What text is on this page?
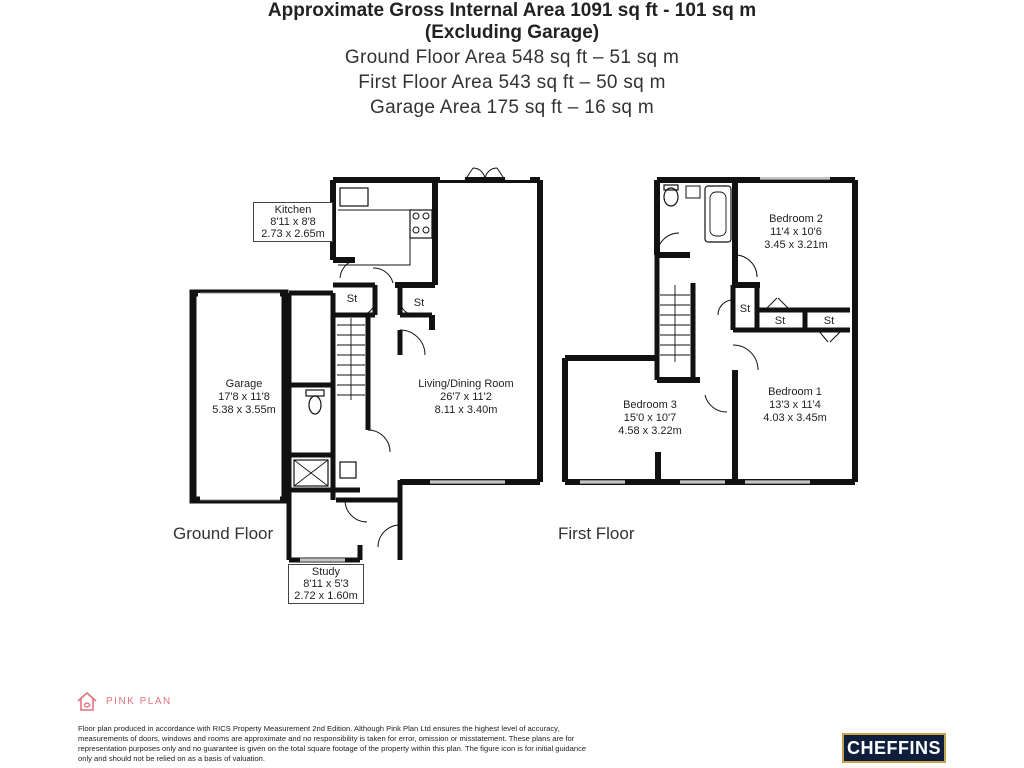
Approximate Gross Internal Area 1091 sq ft - 101 sq m
(Excluding Garage)
Ground Floor Area 548 sq ft – 51 sq m
First Floor Area 543 sq ft – 50 sq m
Garage Area 175 sq ft – 16 sq m
Garage
17'8 x 11'8
5.38 x 3.55m
Living/Dining Room
26'7 x 11'2
8.11 x 3.40m
Bedroom 2
11'4 x 10'6
3.45 x 3.21m
Bedroom 3
15'0 x 10'7
4.58 x 3.22m
Bedroom 1
13'3 x 11'4
4.03 x 3.45m
St	St	St
St	St
Kitchen
8'11 x 8'8
2.73 x 2.65m
Study
8'11 x 5'3
2.72 x 1.60m
Ground Floor	First Floor
PINK PLAN
Floor plan produced in accordance with RICS Property Measurement 2nd Edition. Although Pink Plan Ltd ensures the highest level of accuracy, measurements of doors, windows and rooms are approximate and no responsibility is taken for error, omission or misstatement. These plans are for representation purposes only and no guarantee is given on the total square footage of the property within this plan. The figure icon is for initial guidance only and should not be relied on as a basis of valuation.
CHEFFINS
